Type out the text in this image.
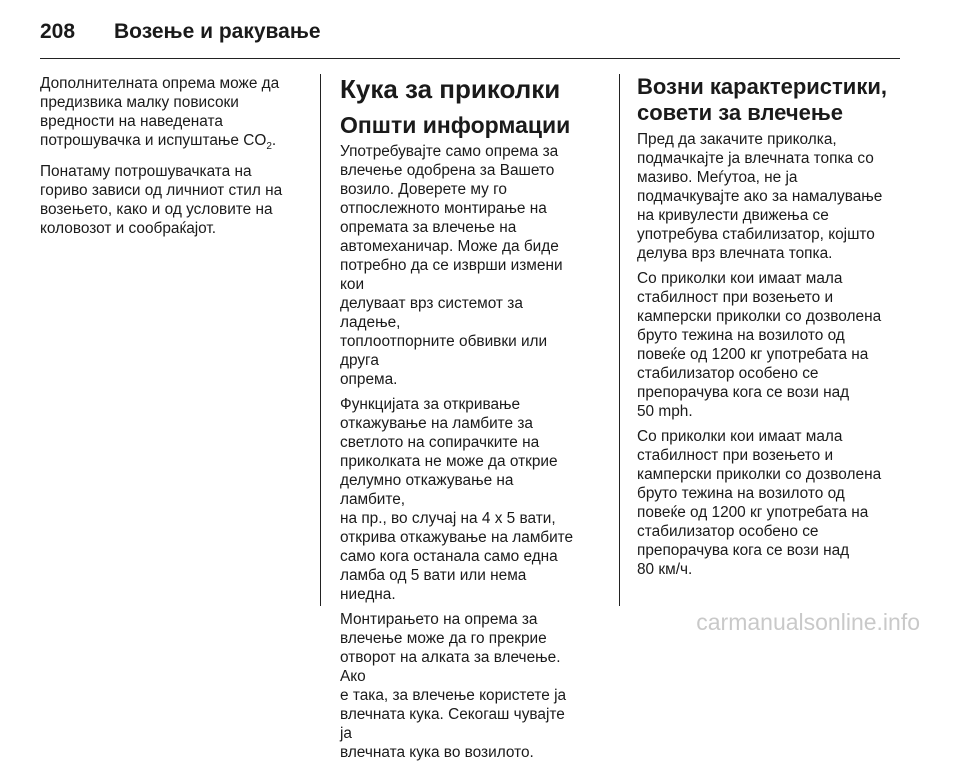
208	Возење и ракување

Дополнителната опрема може да
предизвика малку повисоки
вредности на наведената
потрошувачка и испуштање $CO_2$.

Понатаму потрошувачката на
гориво зависи од личниот стил на
возењето, како и од условите на
коловозот и сообраќајот.

Кука за приколки
Општи информации

Употребувајте само опрема за
влечење одобрена за Вашето
возило. Доверете му го
отпослежното монтирање на
опремата за влечење на
автомеханичар. Може да биде
потребно да се изврши измени кои
делуваат врз системот за ладење,
топлоотпорните обвивки или друга
опрема.

Функцијата за откривање
откажување на ламбите за
светлото на сопирачките на
приколката не може да открие
делумно откажување на ламбите,
на пр., во случај на 4 x 5 вати,
открива откажување на ламбите
само кога останала само една
ламба од 5 вати или нема ниедна.

Монтирањето на опрема за
влечење може да го прекрие
отворот на алката за влечење. Ако
е така, за влечење користете ја
влечната кука. Секогаш чувајте ја
влечната кука во возилото.

Возни карактеристики,
совети за влечење

Пред да закачите приколка,
подмачкајте ја влечната топка со
мазиво. Меѓутоа, не ја
подмачкувајте ако за намалување
на кривулести движења се
употребува стабилизатор, којшто
делува врз влечната топка.

Со приколки кои имаат мала
стабилност при возењето и
камперски приколки со дозволена
бруто тежина на возилото од
повеќе од 1200 кг употребата на
стабилизатор особено се
препорачува кога се вози над
50 mph.

Со приколки кои имаат мала
стабилност при возењето и
камперски приколки со дозволена
бруто тежина на возилото од
повеќе од 1200 кг употребата на
стабилизатор особено се
препорачува кога се вози над
80 км/ч.

carmanualsonline.info
